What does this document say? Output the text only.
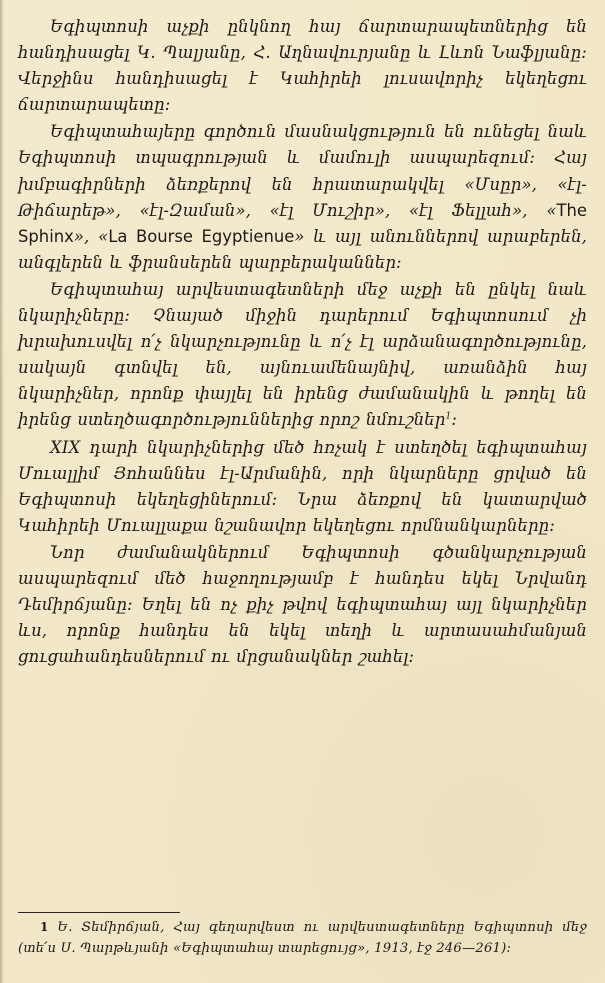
Եգիպտոսի աչքի ընկնող հայ ճարտարապետներից են հանդիսացել Կ. Պալյանը, Հ. Աղնավուրյանը և Լևոն Նաֆլյանը։ Վերջինս հանդիսացել է Կահիրեի լուսավորիչ եկեղեցու ճարտարապետը։

Եգիպտահայերը գործուն մասնակցություն են ունեցել նաև Եգիպտոսի տպագրության և մամուլի ասպարեզում։ Հայ խմբագիրների ձեռքերով են հրատարակվել «Մսըր», «էլ-Թիճարեթ», «էլ-Զաման», «էլ Մուշիր», «էլ Ֆելլահ», «The Sphinx», «La Bourse Egyptienue» և այլ անուններով արաբերեն, անգլերեն և ֆրանսերեն պարբերականներ։

Եգիպտահայ արվեստագետների մեջ աչքի են ընկել նաև նկարիչները։ Չնայած միջին դարերում Եգիպտոսում չի խրախուսվել ո՛չ նկարչությունը և ո՛չ էլ արձանագործությունը, սակայն գտնվել են, այնուամենայնիվ, առանձին հայ նկարիչներ, որոնք փայլել են իրենց ժամանակին և թողել են իրենց ստեղծագործություններից որոշ նմուշներ$^1$։

XIX դարի նկարիչներից մեծ հռչակ է ստեղծել եգիպտահայ Մուալլիմ Յոհաննես էլ-Արմանին, որի նկարները ցրված են Եգիպտոսի եկեղեցիներում։ Նրա ձեռքով են կատարված Կահիրեի Մուալլաքա նշանավոր եկեղեցու որմնանկարները։

Նոր ժամանակներում Եգիպտոսի գծանկարչության ասպարեզում մեծ հաջողությամբ է հանդես եկել Նրվանդ Դեմիրճյանը։ Եղել են ոչ քիչ թվով եգիպտահայ այլ նկարիչներ ևս, որոնք հանդես են եկել տեղի և արտասահմանյան ցուցահանդեսներում ու մրցանակներ շահել։

1 Ե. Տեմիրճյան, Հայ գեղարվեստ ու արվեստագետները Եգիպտոսի մեջ (տե՛ս Ս. Պարթևյանի «Եգիպտահայ տարեցույց», 1913, էջ 246—261)։
